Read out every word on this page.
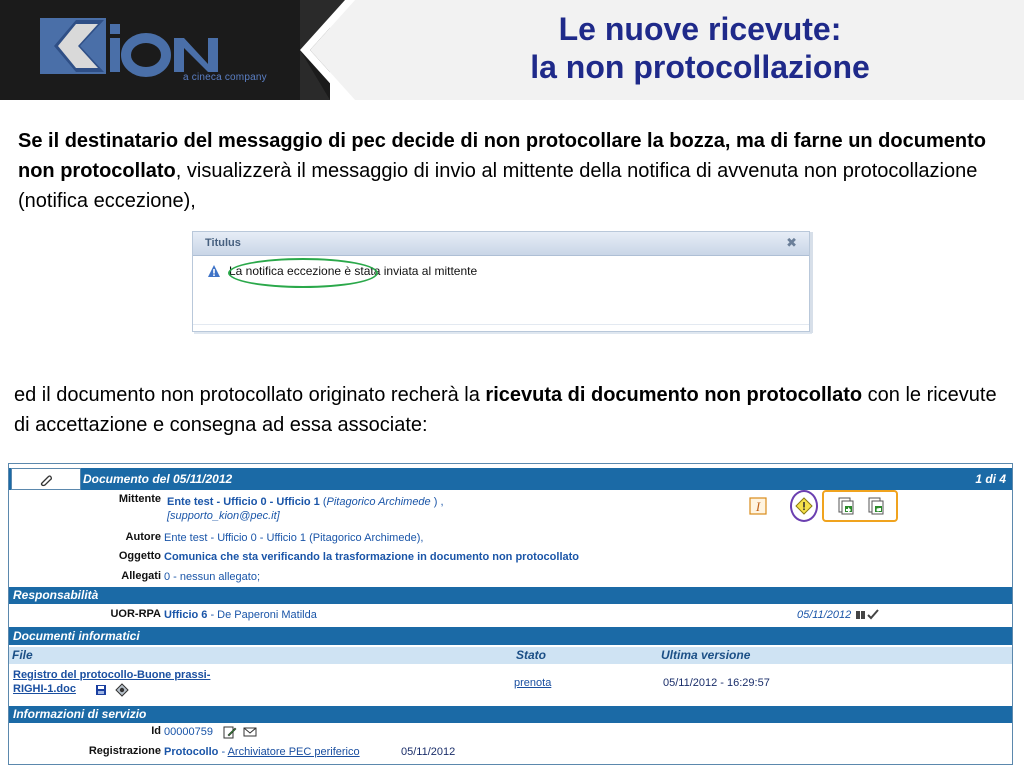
a cineca company
Le nuove ricevute:
la non protocollazione
Se il destinatario del messaggio di pec decide di non protocollare la bozza, ma di farne un documento non protocollato, visualizzerà il messaggio di invio al mittente della notifica di avvenuta non protocollazione (notifica eccezione),
Titulus	✖
La notifica eccezione è stata inviata al mittente
ed il documento non protocollato originato recherà la ricevuta di documento non protocollato con le ricevute di accettazione e consegna ad essa associate:
Documento del 05/11/2012	1 di 4
Mittente Ente test - Ufficio 0 - Ufficio 1 (Pitagorico Archimede ) ,
[supporto_kion@pec.it]
I
Autore Ente test - Ufficio 0 - Ufficio 1 (Pitagorico Archimede),
Oggetto Comunica che sta verificando la trasformazione in documento non protocollato
Allegati 0 - nessun allegato;
Responsabilità
UOR-RPA Ufficio 6 - De Paperoni Matilda	05/11/2012
Documenti informatici
File	Stato	Ultima versione
Registro del protocollo-Buone prassi-
RIGHI-1.doc	prenota	05/11/2012 - 16:29:57
Informazioni di servizio
Id 00000759
Registrazione Protocollo - Archiviatore PEC periferico	05/11/2012
